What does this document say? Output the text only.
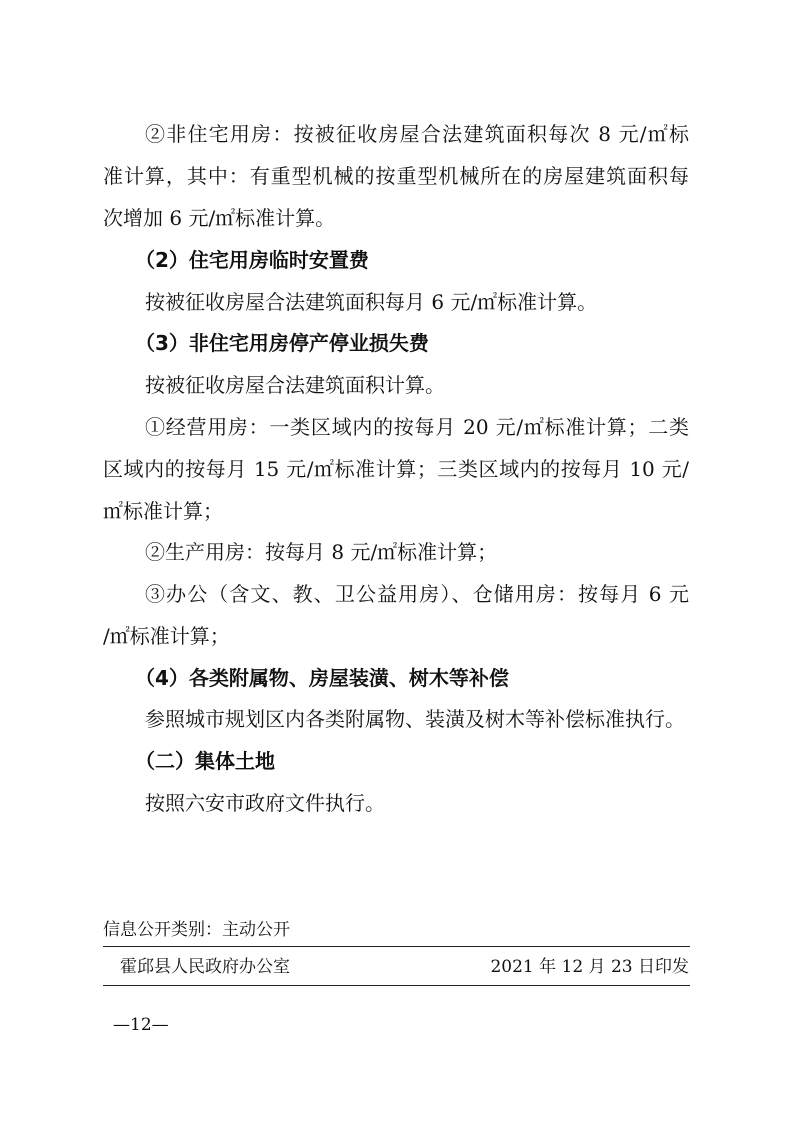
②非住宅用房：按被征收房屋合法建筑面积每次 8 元/㎡标
准计算，其中：有重型机械的按重型机械所在的房屋建筑面积每
次增加 6 元/㎡标准计算。
（2）住宅用房临时安置费
按被征收房屋合法建筑面积每月 6 元/㎡标准计算。
（3）非住宅用房停产停业损失费
按被征收房屋合法建筑面积计算。
①经营用房：一类区域内的按每月 20 元/㎡标准计算；二类
区域内的按每月 15 元/㎡标准计算；三类区域内的按每月 10 元/
㎡标准计算；
②生产用房：按每月 8 元/㎡标准计算；
③办公（含文、教、卫公益用房）、仓储用房：按每月 6 元
/㎡标准计算；
（4）各类附属物、房屋装潢、树木等补偿
参照城市规划区内各类附属物、装潢及树木等补偿标准执行。
（二）集体土地
按照六安市政府文件执行。
信息公开类别：主动公开
霍邱县人民政府办公室	2021 年 12 月 23 日印发
—12—
